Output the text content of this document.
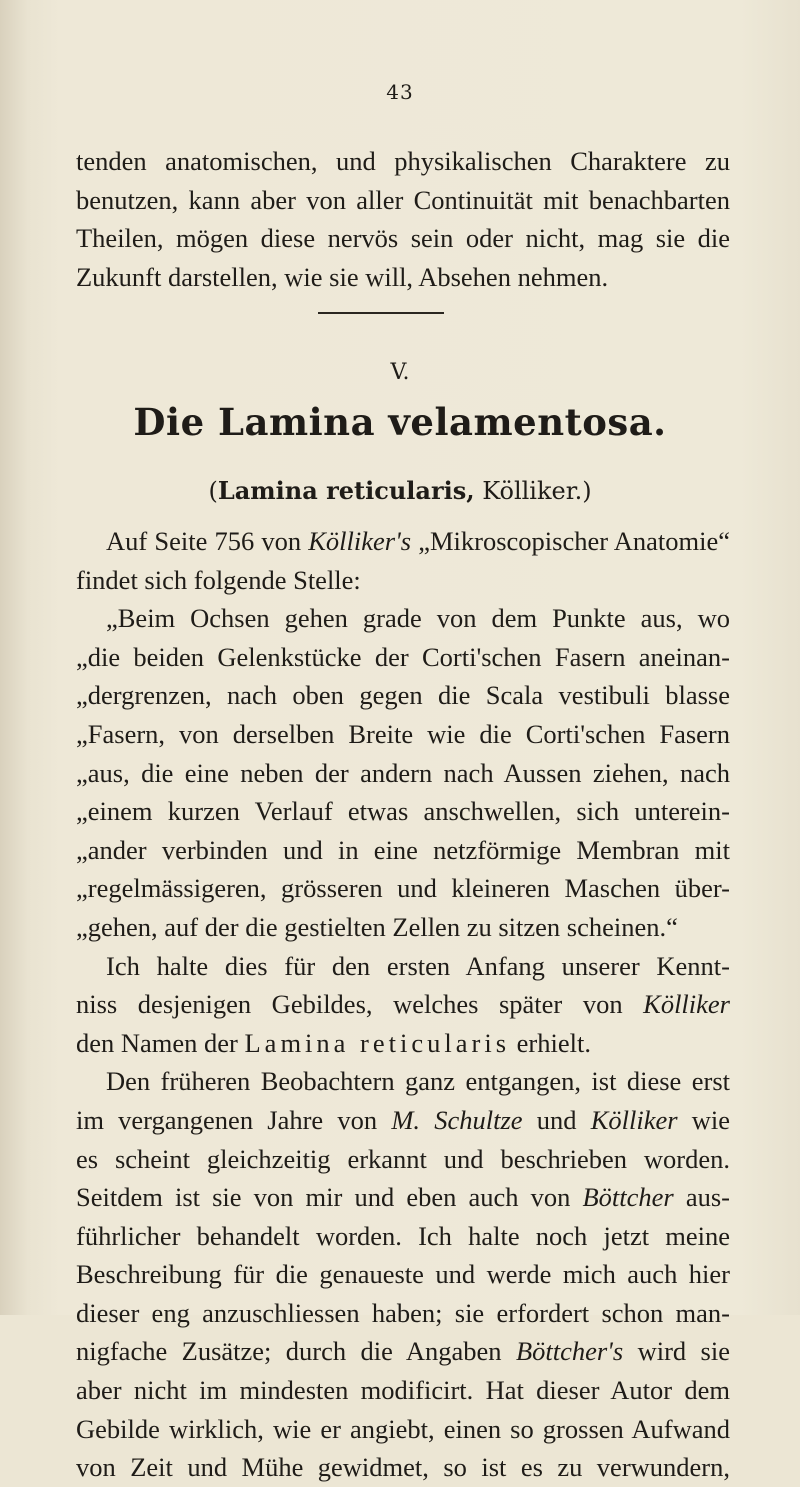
43
tenden anatomischen, und physikalischen Charaktere zu
benutzen, kann aber von aller Continuität mit benachbarten
Theilen, mögen diese nervös sein oder nicht, mag sie die
Zukunft darstellen, wie sie will, Absehen nehmen.
V.
Die Lamina velamentosa.
(Lamina reticularis, Kölliker.)
Auf Seite 756 von Kölliker's „Mikroscopischer Anatomie“
findet sich folgende Stelle:
„Beim Ochsen gehen grade von dem Punkte aus, wo
„die beiden Gelenkstücke der Corti'schen Fasern aneinan-
„dergrenzen, nach oben gegen die Scala vestibuli blasse
„Fasern, von derselben Breite wie die Corti'schen Fasern
„aus, die eine neben der andern nach Aussen ziehen, nach
„einem kurzen Verlauf etwas anschwellen, sich unterein-
„ander verbinden und in eine netzförmige Membran mit
„regelmässigeren, grösseren und kleineren Maschen über-
„gehen, auf der die gestielten Zellen zu sitzen scheinen.“
Ich halte dies für den ersten Anfang unserer Kennt-
niss desjenigen Gebildes, welches später von Kölliker
den Namen der Lamina reticularis erhielt.
Den früheren Beobachtern ganz entgangen, ist diese erst
im vergangenen Jahre von M. Schultze und Kölliker wie
es scheint gleichzeitig erkannt und beschrieben worden.
Seitdem ist sie von mir und eben auch von Böttcher aus-
führlicher behandelt worden. Ich halte noch jetzt meine
Beschreibung für die genaueste und werde mich auch hier
dieser eng anzuschliessen haben; sie erfordert schon man-
nigfache Zusätze; durch die Angaben Böttcher's wird sie
aber nicht im mindesten modificirt. Hat dieser Autor dem
Gebilde wirklich, wie er angiebt, einen so grossen Aufwand
von Zeit und Mühe gewidmet, so ist es zu verwundern,
